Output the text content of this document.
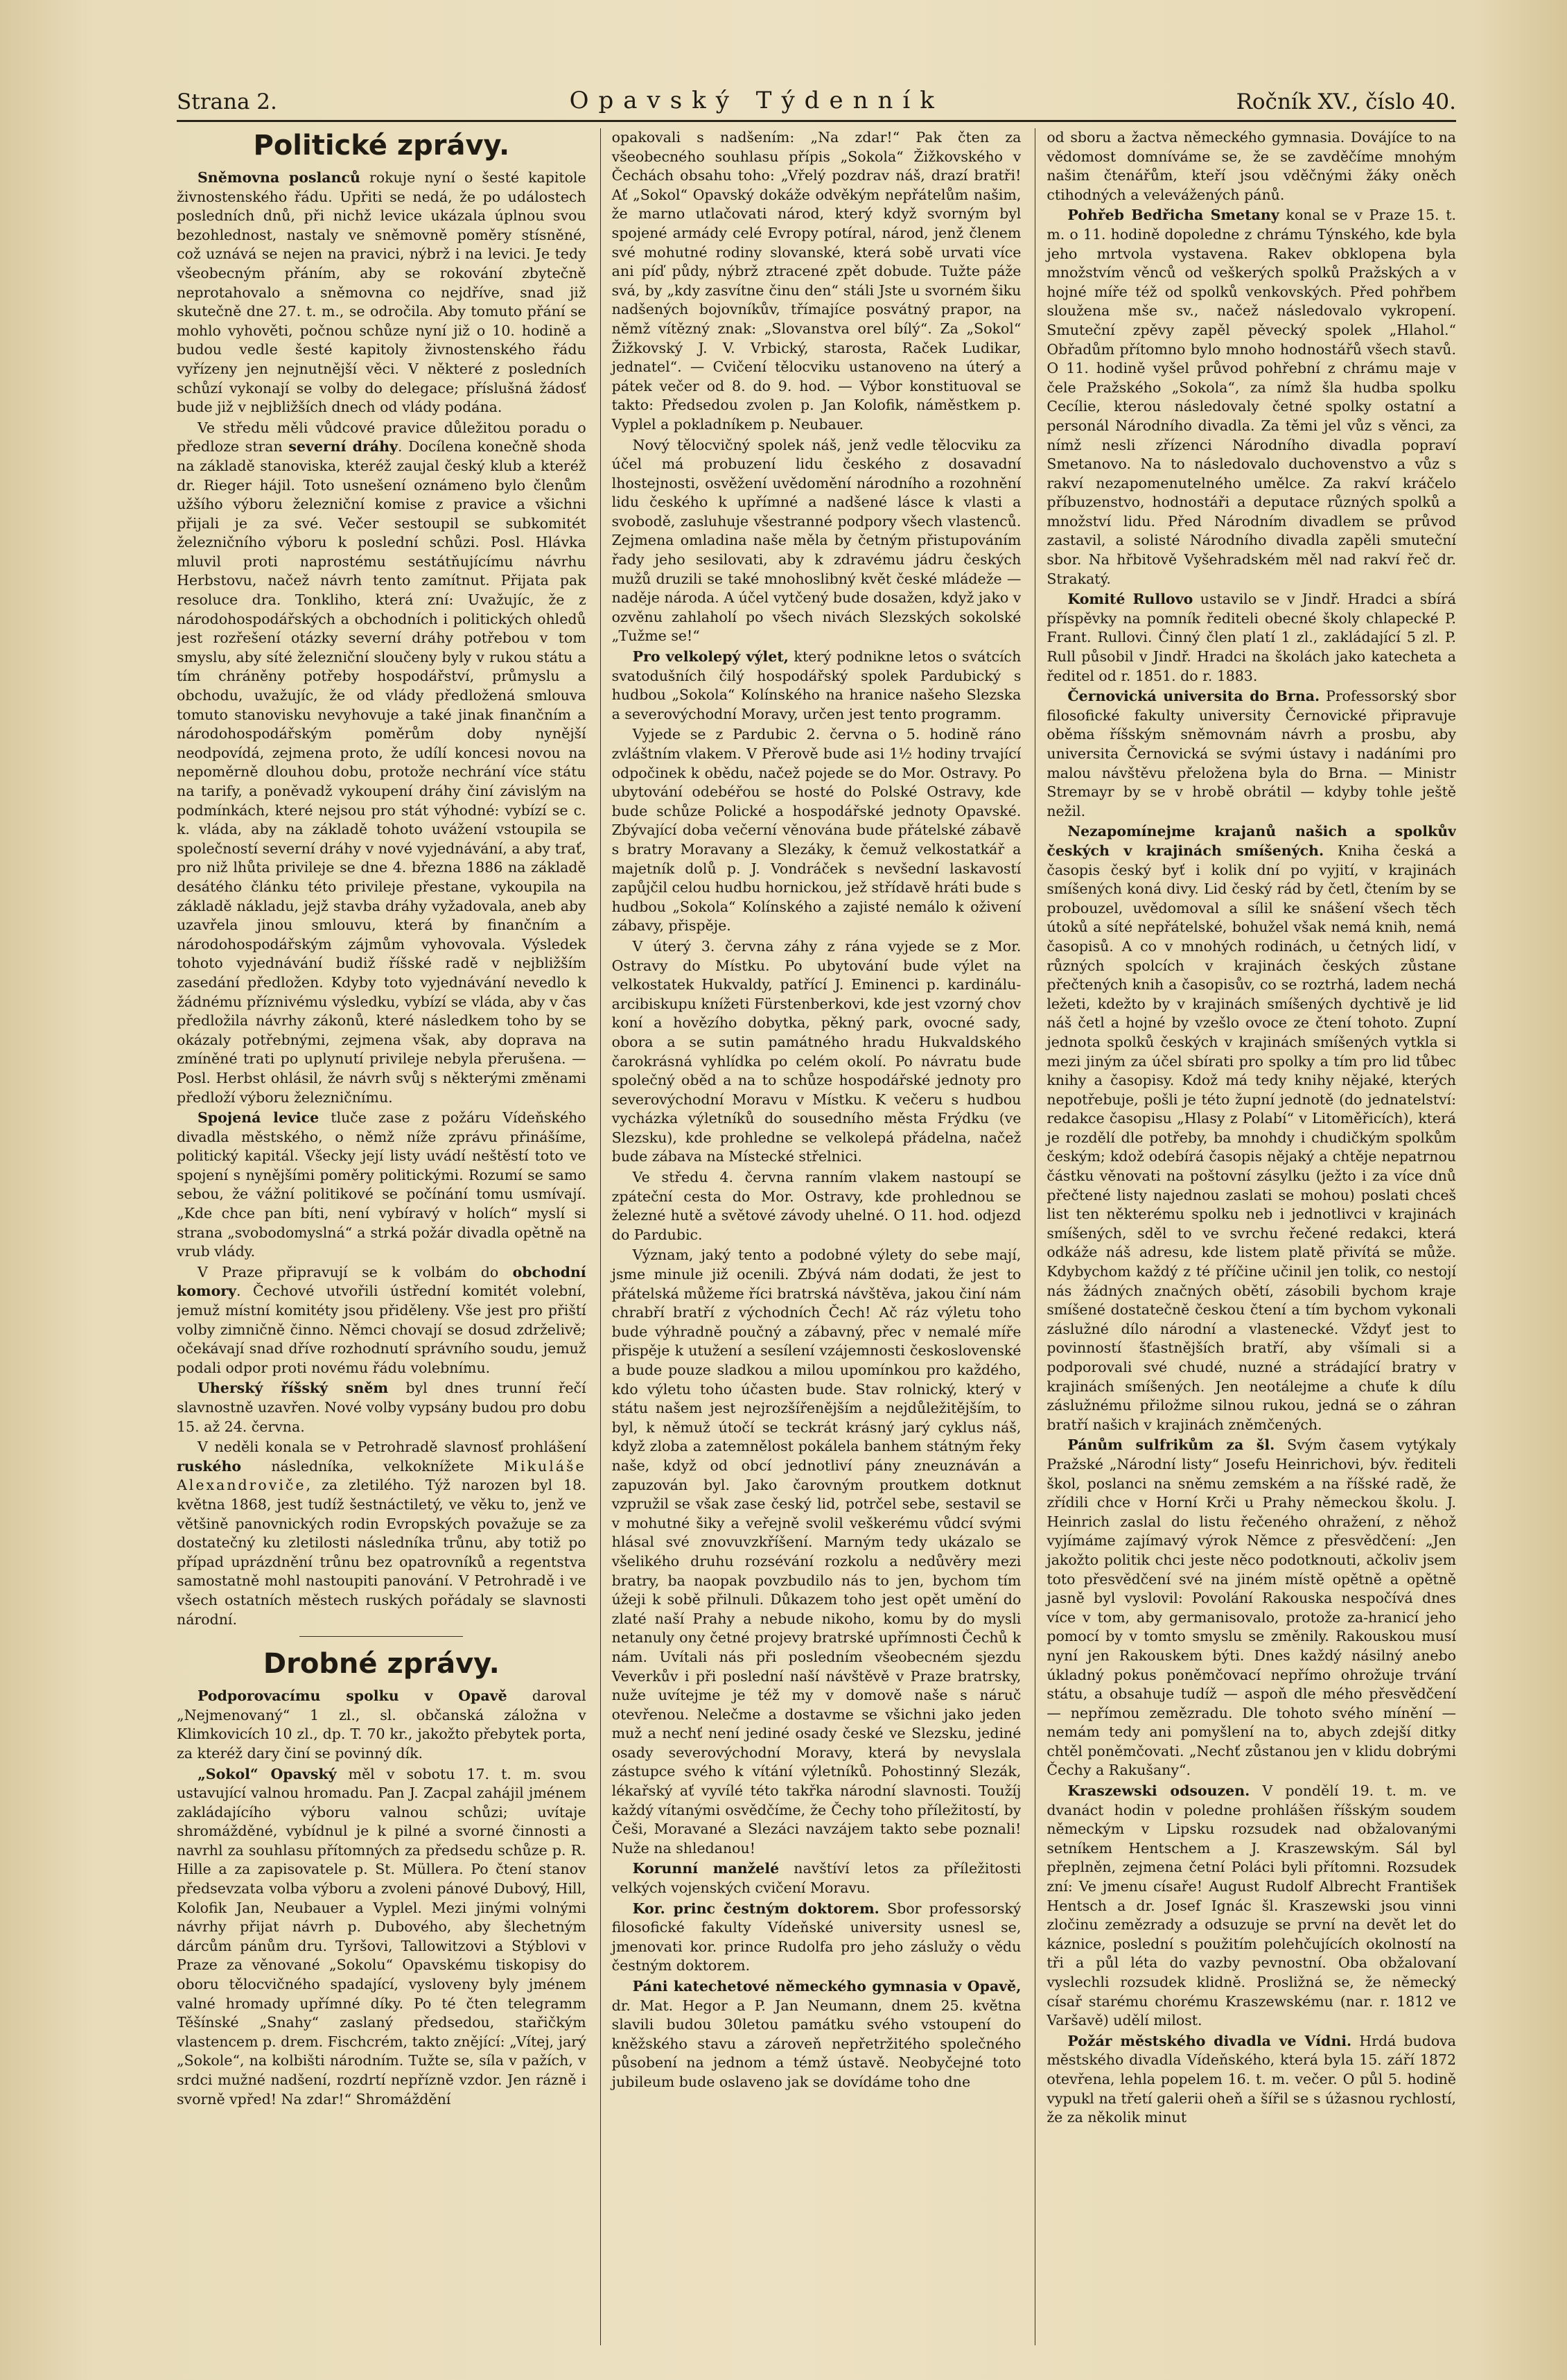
Strana 2.	Opavský Týdenník	Ročník XV., číslo 40.
Politické zprávy.

Sněmovna poslanců rokuje nyní o šesté kapitole živnostenského řádu. Upřiti se nedá, že po událostech posledních dnů, při nichž levice ukázala úplnou svou bezohlednost, nastaly ve sněmovně poměry stísněné, což uznává se nejen na pravici, nýbrž i na levici. Je tedy všeobecným přáním, aby se rokování zbytečně neprotahovalo a sněmovna co nejdříve, snad již skutečně dne 27. t. m., se odročila. Aby tomuto přání se mohlo vyhověti, počnou schůze nyní již o 10. hodině a budou vedle šesté kapitoly živnostenského řádu vyřízeny jen nejnutnější věci. V některé z posledních schůzí vykonají se volby do delegace; příslušná žádosť bude již v nejbližších dnech od vlády podána.

Ve středu měli vůdcové pravice důležitou poradu o předloze stran severní dráhy. Docílena konečně shoda na základě stanoviska, kteréž zaujal český klub a kteréž dr. Rieger hájil. Toto usnešení oznámeno bylo členům užšího výboru železniční komise z pravice a všichni přijali je za své. Večer sestoupil se subkomitét železničního výboru k poslední schůzi. Posl. Hlávka mluvil proti naprostému sestátňujícímu návrhu Herbstovu, načež návrh tento zamítnut. Přijata pak resoluce dra. Tonkliho, která zní: Uvažujíc, že z národohospodářských a obchodních i politických ohledů jest rozřešení otázky severní dráhy potřebou v tom smyslu, aby síté železniční sloučeny byly v rukou státu a tím chráněny potřeby hospodářství, průmyslu a obchodu, uvažujíc, že od vlády předložená smlouva tomuto stanovisku nevyhovuje a také jinak finančním a národohospodářským poměrům doby nynější neodpovídá, zejmena proto, že udílí koncesi novou na nepoměrně dlouhou dobu, protože nechrání více státu na tarify, a poněvadž vykoupení dráhy činí závislým na podmínkách, které nejsou pro stát výhodné: vybízí se c. k. vláda, aby na základě tohoto uvážení vstoupila se společností severní dráhy v nové vyjednávání, a aby trať, pro niž lhůta privileje se dne 4. března 1886 na základě desátého článku této privileje přestane, vykoupila na základě nákladu, jejž stavba dráhy vyžadovala, aneb aby uzavřela jinou smlouvu, která by finančním a národohospodářským zájmům vyhovovala. Výsledek tohoto vyjednávání budiž říšské radě v nejbližším zasedání předložen. Kdyby toto vyjednávání nevedlo k žádnému příznivému výsledku, vybízí se vláda, aby v čas předložila návrhy zákonů, které následkem toho by se okázaly potřebnými, zejmena však, aby doprava na zmíněné trati po uplynutí privileje nebyla přerušena. — Posl. Herbst ohlásil, že návrh svůj s některými změnami předloží výboru železničnímu.

Spojená levice tluče zase z požáru Vídeňského divadla městského, o němž níže zprávu přinášíme, politický kapitál. Všecky její listy uvádí neštěstí toto ve spojení s nynějšími poměry politickými. Rozumí se samo sebou, že vážní politikové se počínání tomu usmívají. „Kde chce pan bíti, není vybíravý v holích“ myslí si strana „svobodomyslná“ a strká požár divadla opětně na vrub vlády.

V Praze připravují se k volbám do obchodní komory. Čechové utvořili ústřední komitét volební, jemuž místní komitéty jsou přiděleny. Vše jest pro přiští volby zimničně činno. Němci chovají se dosud zdrželivě; očekávají snad dříve rozhodnutí správního soudu, jemuž podali odpor proti novému řádu volebnímu.

Uherský říšský sněm byl dnes trunní řečí slavnostně uzavřen. Nové volby vypsány budou pro dobu 15. až 24. června.

V neděli konala se v Petrohradě slavnosť prohlášení ruského následníka, velkoknížete Mikuláše Alexandroviče, za zletilého. Týž narozen byl 18. května 1868, jest tudíž šestnáctiletý, ve věku to, jenž ve většině panovnických rodin Evropských považuje se za dostatečný ku zletilosti následníka trůnu, aby totiž po případ uprázdnění trůnu bez opatrovníků a regentstva samostatně mohl nastoupiti panování. V Petrohradě i ve všech ostatních městech ruských pořádaly se slavnosti národní.

Drobné zprávy.

Podporovacímu spolku v Opavě daroval „Nejmenovaný“ 1 zl., sl. občanská záložna v Klimkovicích 10 zl., dp. T. 70 kr., jakožto přebytek porta, za kteréž dary činí se povinný dík.

„Sokol“ Opavský měl v sobotu 17. t. m. svou ustavující valnou hromadu. Pan J. Zacpal zahájil jménem zakládajícího výboru valnou schůzi; uvítaje shromážděné, vybídnul je k pilné a svorné činnosti a navrhl za souhlasu přítomných za předsedu schůze p. R. Hille a za zapisovatele p. St. Müllera. Po čtení stanov předsevzata volba výboru a zvoleni pánové Dubový, Hill, Kolofik Jan, Neubauer a Vyplel. Mezi jinými volnými návrhy přijat návrh p. Dubového, aby šlechetným dárcům pánům dru. Tyršovi, Tallowitzovi a Stýblovi v Praze za věnované „Sokolu“ Opavskému tiskopisy do oboru tělocvičného spadající, vysloveny byly jménem valné hromady upřímné díky. Po té čten telegramm Těšínské „Snahy“ zaslaný předsedou, stařičkým vlastencem p. drem. Fischcrém, takto znějící: „Vítej, jarý „Sokole“, na kolbišti národním. Tužte se, síla v pažích, v srdci mužné nadšení, rozdrtí nepřízně vzdor. Jen rázně i svorně vpřed! Na zdar!“ Shromáždění

opakovali s nadšením: „Na zdar!“ Pak čten za všeobecného souhlasu přípis „Sokola“ Žižkovského v Čechách obsahu toho: „Vřelý pozdrav náš, drazí bratři! Ať „Sokol“ Opavský dokáže odvěkým nepřátelům našim, že marno utlačovati národ, který když svorným byl spojené armády celé Evropy potíral, národ, jenž členem své mohutné rodiny slovanské, která sobě urvati více ani píď půdy, nýbrž ztracené zpět dobude. Tužte páže svá, by „kdy zasvítne činu den“ stáli Jste u svorném šiku nadšených bojovníkův, třímajíce posvátný prapor, na němž vítězný znak: „Slovanstva orel bílý“. Za „Sokol“ Žižkovský J. V. Vrbický, starosta, Raček Ludikar, jednatel“. — Cvičení tělocviku ustanoveno na úterý a pátek večer od 8. do 9. hod. — Výbor konstituoval se takto: Předsedou zvolen p. Jan Kolofik, náměstkem p. Vyplel a pokladníkem p. Neubauer.

Nový tělocvičný spolek náš, jenž vedle tělocviku za účel má probuzení lidu českého z dosavadní lhostejnosti, osvěžení uvědomění národního a rozohnění lidu českého k upřímné a nadšené lásce k vlasti a svobodě, zasluhuje všestranné podpory všech vlastenců. Zejmena omladina naše měla by četným přistupováním řady jeho sesilovati, aby k zdravému jádru českých mužů druzili se také mnohoslibný květ české mládeže — naděje národa. A účel vytčený bude dosažen, když jako v ozvěnu zahlaholí po všech nivách Slezských sokolské „Tužme se!“

Pro velkolepý výlet, který podnikne letos o svátcích svatodušních čilý hospodářský spolek Pardubický s hudbou „Sokola“ Kolínského na hranice našeho Slezska a severovýchodní Moravy, určen jest tento programm.

Vyjede se z Pardubic 2. června o 5. hodině ráno zvláštním vlakem. V Přerově bude asi 1½ hodiny trvající odpočinek k obědu, načež pojede se do Mor. Ostravy. Po ubytování odebéřou se hosté do Polské Ostravy, kde bude schůze Polické a hospodářské jednoty Opavské. Zbývající doba večerní věnována bude přátelské zábavě s bratry Moravany a Slezáky, k čemuž velkostatkář a majetník dolů p. J. Vondráček s nevšední laskavostí zapůjčil celou hudbu hornickou, jež střídavě hráti bude s hudbou „Sokola“ Kolínského a zajisté nemálo k oživení zábavy, přispěje.

V úterý 3. června záhy z rána vyjede se z Mor. Ostravy do Místku. Po ubytování bude výlet na velkostatek Hukvaldy, patřící J. Eminenci p. kardinálu-arcibiskupu knížeti Fürstenberkovi, kde jest vzorný chov koní a hovězího dobytka, pěkný park, ovocné sady, obora a se sutin památného hradu Hukvaldského čarokrásná vyhlídka po celém okolí. Po návratu bude společný oběd a na to schůze hospodářské jednoty pro severovýchodní Moravu v Místku. K večeru s hudbou vycházka výletníků do sousedního města Frýdku (ve Slezsku), kde prohledne se velkolepá přádelna, načež bude zábava na Místecké střelnici.

Ve středu 4. června ranním vlakem nastoupí se zpáteční cesta do Mor. Ostravy, kde prohlednou se železné hutě a světové závody uhelné. O 11. hod. odjezd do Pardubic.

Význam, jaký tento a podobné výlety do sebe mají, jsme minule již ocenili. Zbývá nám dodati, že jest to přátelská můžeme říci bratrská návštěva, jakou činí nám chrabří bratří z východních Čech! Ač ráz výletu toho bude výhradně poučný a zábavný, přec v nemalé míře přispěje k utužení a sesílení vzájemnosti československé a bude pouze sladkou a milou upomínkou pro každého, kdo výletu toho účasten bude. Stav rolnický, který v státu našem jest nejrozšířenějším a nejdůležitějším, to byl, k němuž útočí se teckrát krásný jarý cyklus náš, když zloba a zatemnělost pokálela banhem státným řeky naše, když od obcí jednotliví pány zneuznáván a zapuzován byl. Jako čarovným proutkem dotknut vzpružil se však zase český lid, potrčel sebe, sestavil se v mohutné šiky a veřejně svolil veškerému vůdcí svými hlásal své znovuvzkříšení. Marným tedy ukázalo se všelikého druhu rozsévání rozkolu a nedůvěry mezi bratry, ba naopak povzbudilo nás to jen, bychom tím úžeji k sobě přilnuli. Důkazem toho jest opět umění do zlaté naší Prahy a nebude nikoho, komu by do mysli netanuly ony četné projevy bratrské upřímnosti Čechů k nám. Uvítali nás při posledním všeobecném sjezdu Veverkův i při poslední naší návštěvě v Praze bratrsky, nuže uvítejme je též my v domově naše s náruč otevřenou. Nelečme a dostavme se všichni jako jeden muž a nechť není jediné osady české ve Slezsku, jediné osady severovýchodní Moravy, která by nevyslala zástupce svého k vítání výletníků. Pohostinný Slezák, lékařský ať vyvílé této takřka národní slavnosti. Toužíj každý vítanými osvědčíme, že Čechy toho příležitostí, by Češi, Moravané a Slezáci navzájem takto sebe poznali! Nuže na shledanou!

Korunní manželé navštíví letos za příležitosti velkých vojenských cvičení Moravu.

Kor. princ čestným doktorem. Sbor professorský filosofické fakulty Vídeňské university usnesl se, jmenovati kor. prince Rudolfa pro jeho záslužy o vědu čestným doktorem.

Páni katechetové německého gymnasia v Opavě, dr. Mat. Hegor a P. Jan Neumann, dnem 25. května slavili budou 30letou památku svého vstoupení do kněžského stavu a zároveň nepřetržitého společného působení na jednom a témž ústavě. Neobyčejné toto jubileum bude oslaveno jak se dovídáme toho dne

od sboru a žactva německého gymnasia. Dovájíce to na vědomost domníváme se, že se zavděčíme mnohým našim čtenářům, kteří jsou vděčnými žáky oněch ctihodných a velevážených pánů.

Pohřeb Bedřicha Smetany konal se v Praze 15. t. m. o 11. hodině dopoledne z chrámu Týnského, kde byla jeho mrtvola vystavena. Rakev obklopena byla množstvím věnců od veškerých spolků Pražských a v hojné míře též od spolků venkovských. Před pohřbem sloužena mše sv., načež následovalo vykropení. Smuteční zpěvy zapěl pěvecký spolek „Hlahol.“ Obřadům přítomno bylo mnoho hodnostářů všech stavů. O 11. hodině vyšel průvod pohřební z chrámu maje v čele Pražského „Sokola“, za nímž šla hudba spolku Cecílie, kterou následovaly četné spolky ostatní a personál Národního divadla. Za těmi jel vůz s věnci, za nímž nesli zřízenci Národního divadla popraví Smetanovo. Na to následovalo duchovenstvo a vůz s rakví nezapomenutelného umělce. Za rakví kráčelo příbuzenstvo, hodnostáři a deputace různých spolků a množství lidu. Před Národním divadlem se průvod zastavil, a solisté Národního divadla zapěli smuteční sbor. Na hřbitově Vyšehradském měl nad rakví řeč dr. Strakatý.

Komité Rullovo ustavilo se v Jindř. Hradci a sbírá příspěvky na pomník řediteli obecné školy chlapecké P. Frant. Rullovi. Činný člen platí 1 zl., zakládající 5 zl. P. Rull působil v Jindř. Hradci na školách jako katecheta a ředitel od r. 1851. do r. 1883.

Černovická universita do Brna. Professorský sbor filosofické fakulty university Černovické připravuje oběma říšským sněmovnám návrh a prosbu, aby universita Černovická se svými ústavy i nadáními pro malou návštěvu přeložena byla do Brna. — Ministr Stremayr by se v hrobě obrátil — kdyby tohle ještě nežil.

Nezapomínejme krajanů našich a spolkův českých v krajinách smíšených. Kniha česká a časopis český byť i kolik dní po vyjití, v krajinách smíšených koná divy. Lid český rád by četl, čtením by se probouzel, uvědomoval a sílil ke snášení všech těch útoků a síté nepřátelské, bohužel však nemá knih, nemá časopisů. A co v mnohých rodinách, u četných lidí, v různých spolcích v krajinách českých zůstane přečtených knih a časopisův, co se roztrhá, ladem nechá ležeti, kdežto by v krajinách smíšených dychtivě je lid náš četl a hojné by vzešlo ovoce ze čtení tohoto. Zupní jednota spolků českých v krajinách smíšených vytkla si mezi jiným za účel sbírati pro spolky a tím pro lid tůbec knihy a časopisy. Kdož má tedy knihy nějaké, kterých nepotřebuje, pošli je této župní jednotě (do jednatelství: redakce časopisu „Hlasy z Polabí“ v Litoměřicích), která je rozdělí dle potřeby, ba mnohdy i chudičkým spolkům českým; kdož odebírá časopis nějaký a chtěje nepatrnou částku věnovati na poštovní zásylku (ježto i za více dnů přečtené listy najednou zaslati se mohou) poslati chceš list ten některému spolku neb i jednotlivci v krajinách smíšených, sděl to ve svrchu řečené redakci, která odkáže náš adresu, kde listem platě přivítá se může. Kdybychom každý z té příčine učinil jen tolik, co nestojí nás žádných značných obětí, zásobili bychom kraje smíšené dostatečně českou čtení a tím bychom vykonali záslužné dílo národní a vlastenecké. Vždyť jest to povinností šťastnějších bratří, aby všímali si a podporovali své chudé, nuzné a strádající bratry v krajinách smíšených. Jen neotálejme a chuťe k dílu záslužnému přiložme silnou rukou, jedná se o záhran bratří našich v krajinách zněmčených.

Pánům sulfrikům za šl. Svým časem vytýkaly Pražské „Národní listy“ Josefu Heinrichovi, býv. řediteli škol, poslanci na sněmu zemském a na říšské radě, že zřídili chce v Horní Krči u Prahy německou školu. J. Heinrich zaslal do listu řečeného ohražení, z něhož vyjímáme zajímavý výrok Němce z přesvědčení: „Jen jakožto politik chci jeste něco podotknouti, ačkoliv jsem toto přesvědčení své na jiném místě opětně a opětně jasně byl vyslovil: Povolání Rakouska nespočívá dnes více v tom, aby germanisovalo, protože za-hranicí jeho pomocí by v tomto smyslu se změnily. Rakouskou musí nyní jen Rakouskem býti. Dnes každý násilný anebo úkladný pokus poněmčovací nepřímo ohrožuje trvání státu, a obsahuje tudíž — aspoň dle mého přesvědčení — nepřímou zemězradu. Dle tohoto svého mínění — nemám tedy ani pomyšlení na to, abych zdejší ditky chtěl poněmčovati. „Nechť zůstanou jen v klidu dobrými Čechy a Rakušany“.

Kraszewski odsouzen. V pondělí 19. t. m. ve dvanáct hodin v poledne prohlášen říšským soudem německým v Lipsku rozsudek nad obžalovanými setníkem Hentschem a J. Kraszewským. Sál byl přeplněn, zejmena četní Poláci byli přítomni. Rozsudek zní: Ve jmenu císaře! August Rudolf Albrecht František Hentsch a dr. Josef Ignác šl. Kraszewski jsou vinni zločinu zemězrady a odsuzuje se první na devět let do káznice, poslední s použitím polehčujících okolností na tři a půl léta do vazby pevnostní. Oba obžalovaní vyslechli rozsudek klidně. Prosližná se, že německý císař starému chorému Kraszewskému (nar. r. 1812 ve Varšavě) udělí milost.

Požár městského divadla ve Vídni. Hrdá budova městského divadla Vídeňského, která byla 15. září 1872 otevřena, lehla popelem 16. t. m. večer. O půl 5. hodině vypukl na třetí galerii oheň a šířil se s úžasnou rychlostí, že za několik minut
